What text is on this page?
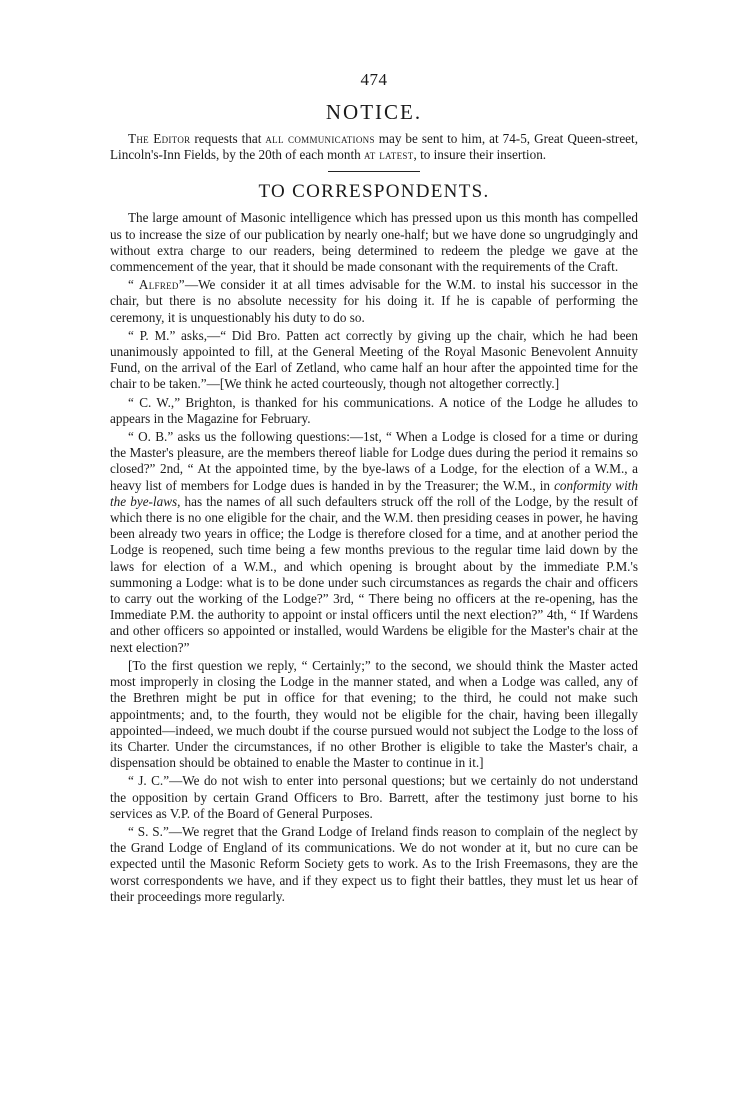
474
NOTICE.

The Editor requests that all communications may be sent to him, at 74-5, Great Queen-street, Lincoln's-Inn Fields, by the 20th of each month at latest, to insure their insertion.

TO CORRESPONDENTS.

The large amount of Masonic intelligence which has pressed upon us this month has compelled us to increase the size of our publication by nearly one-half; but we have done so ungrudgingly and without extra charge to our readers, being determined to redeem the pledge we gave at the commencement of the year, that it should be made consonant with the requirements of the Craft.

“ Alfred”—We consider it at all times advisable for the W.M. to instal his successor in the chair, but there is no absolute necessity for his doing it. If he is capable of performing the ceremony, it is unquestionably his duty to do so.

“ P. M.” asks,—“ Did Bro. Patten act correctly by giving up the chair, which he had been unanimously appointed to fill, at the General Meeting of the Royal Masonic Benevolent Annuity Fund, on the arrival of the Earl of Zetland, who came half an hour after the appointed time for the chair to be taken.”—[We think he acted courteously, though not altogether correctly.]

“ C. W.,” Brighton, is thanked for his communications. A notice of the Lodge he alludes to appears in the Magazine for February.

“ O. B.” asks us the following questions:—1st, “ When a Lodge is closed for a time or during the Master's pleasure, are the members thereof liable for Lodge dues during the period it remains so closed?” 2nd, “ At the appointed time, by the bye-laws of a Lodge, for the election of a W.M., a heavy list of members for Lodge dues is handed in by the Treasurer; the W.M., in conformity with the bye-laws, has the names of all such defaulters struck off the roll of the Lodge, by the result of which there is no one eligible for the chair, and the W.M. then presiding ceases in power, he having been already two years in office; the Lodge is therefore closed for a time, and at another period the Lodge is reopened, such time being a few months previous to the regular time laid down by the laws for election of a W.M., and which opening is brought about by the immediate P.M.'s summoning a Lodge: what is to be done under such circumstances as regards the chair and officers to carry out the working of the Lodge?” 3rd, “ There being no officers at the re-opening, has the Immediate P.M. the authority to appoint or instal officers until the next election?” 4th, “ If Wardens and other officers so appointed or installed, would Wardens be eligible for the Master's chair at the next election?”

[To the first question we reply, “ Certainly;” to the second, we should think the Master acted most improperly in closing the Lodge in the manner stated, and when a Lodge was called, any of the Brethren might be put in office for that evening; to the third, he could not make such appointments; and, to the fourth, they would not be eligible for the chair, having been illegally appointed—indeed, we much doubt if the course pursued would not subject the Lodge to the loss of its Charter. Under the circumstances, if no other Brother is eligible to take the Master's chair, a dispensation should be obtained to enable the Master to continue in it.]

“ J. C.”—We do not wish to enter into personal questions; but we certainly do not understand the opposition by certain Grand Officers to Bro. Barrett, after the testimony just borne to his services as V.P. of the Board of General Purposes.

“ S. S.”—We regret that the Grand Lodge of Ireland finds reason to complain of the neglect by the Grand Lodge of England of its communications. We do not wonder at it, but no cure can be expected until the Masonic Reform Society gets to work. As to the Irish Freemasons, they are the worst correspondents we have, and if they expect us to fight their battles, they must let us hear of their proceedings more regularly.
